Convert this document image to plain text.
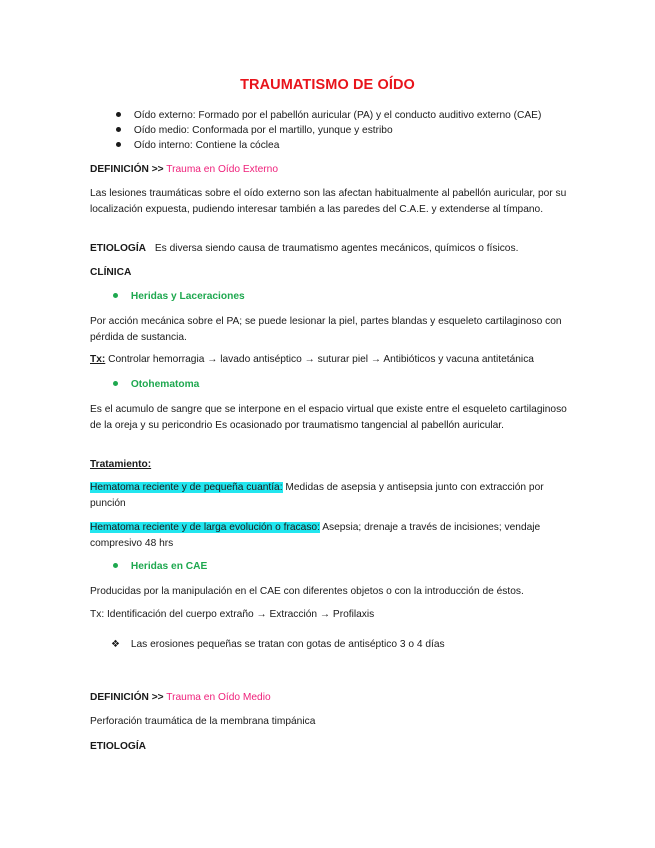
TRAUMATISMO DE OÍDO
Oído externo: Formado por el pabellón auricular (PA) y el conducto auditivo externo (CAE)
Oído medio: Conformada por el martillo, yunque y estribo
Oído interno: Contiene la cóclea
DEFINICIÓN >> Trauma en Oído Externo
Las lesiones traumáticas sobre el oído externo son las afectan habitualmente al pabellón auricular, por su localización expuesta, pudiendo interesar también a las paredes del C.A.E. y extenderse al tímpano.
ETIOLOGÍA Es diversa siendo causa de traumatismo agentes mecánicos, químicos o físicos.
CLÍNICA
Heridas y Laceraciones
Por acción mecánica sobre el PA; se puede lesionar la piel, partes blandas y esqueleto cartilaginoso con pérdida de sustancia.
Tx: Controlar hemorragia → lavado antiséptico → suturar piel → Antibióticos y vacuna antitetánica
Otohematoma
Es el acumulo de sangre que se interpone en el espacio virtual que existe entre el esqueleto cartilaginoso de la oreja y su pericondrio Es ocasionado por traumatismo tangencial al pabellón auricular.
Tratamiento:
Hematoma reciente y de pequeña cuantía: Medidas de asepsia y antisepsia junto con extracción por punción
Hematoma reciente y de larga evolución o fracaso: Asepsia; drenaje a través de incisiones; vendaje compresivo 48 hrs
Heridas en CAE
Producidas por la manipulación en el CAE con diferentes objetos o con la introducción de éstos.
Tx: Identificación del cuerpo extraño → Extracción → Profilaxis
❖ Las erosiones pequeñas se tratan con gotas de antiséptico 3 o 4 días
DEFINICIÓN >> Trauma en Oído Medio
Perforación traumática de la membrana timpánica
ETIOLOGÍA
